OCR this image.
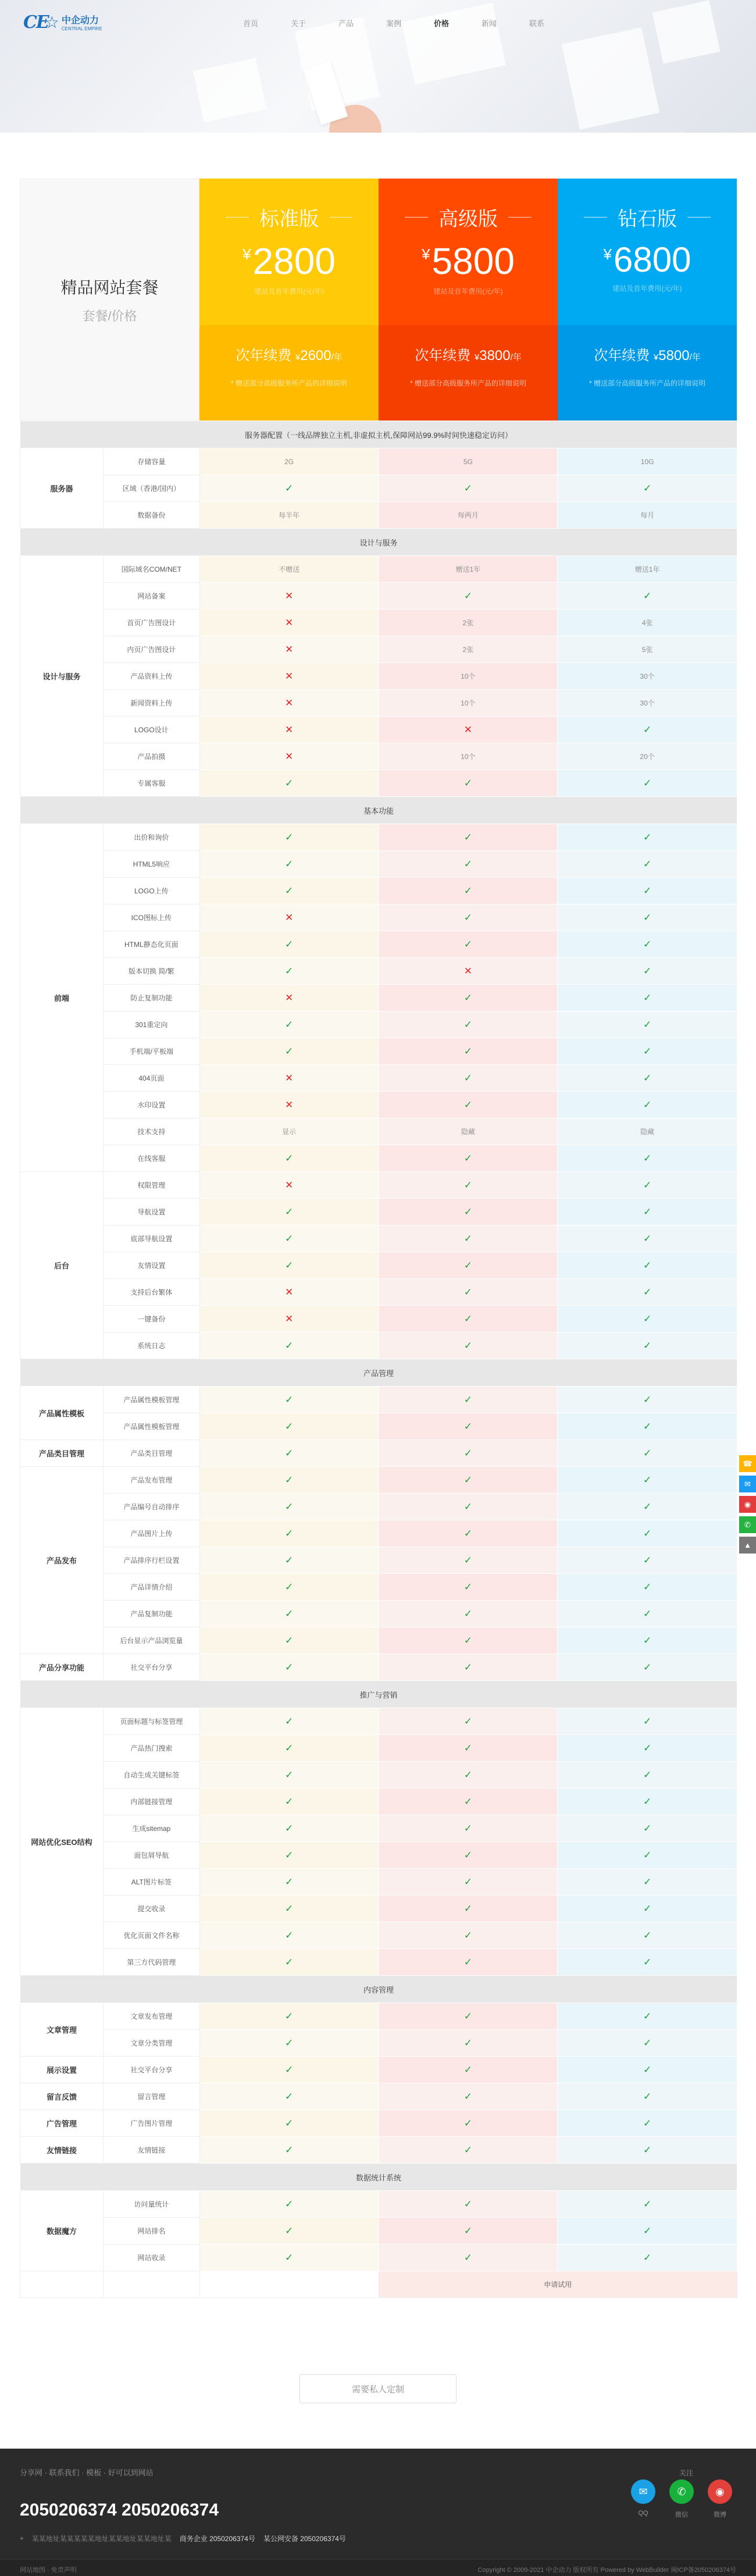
CE
☆ 中企动力
CENTRAL EMPIRE
首页	关于	产品	案例	价格	新闻	联系
精品网站套餐
套餐/价格
标准版
¥2800
建站及首年费用(元/年)
次年续费 ¥2600/年
* 赠送部分高级服务所产品的详细说明
高级版
¥5800
建站及首年费用(元/年)
次年续费 ¥3800/年
* 赠送部分高级服务所产品的详细说明
钻石版
¥6800
建站及首年费用(元/年)
次年续费 ¥5800/年
* 赠送部分高级服务所产品的详细说明
服务器配置（一线品牌独立主机,非虚拟主机,保障网站99.9%时间快速稳定访问）				
服务器	存储容量	2G	5G	10G
	区域（香港/国内）	✓	✓	✓
	数据备份	每半年	每两月	每月
设计与服务				
设计与服务	国际域名COM/NET	不赠送	赠送1年	赠送1年
	网站备案	✕	✓	✓
	首页广告图设计	✕	2张	4张
	内页广告图设计	✕	2张	5张
	产品资料上传	✕	10个	30个
	新闻资料上传	✕	10个	30个
	LOGO设计	✕	✕	✓
	产品拍摄	✕	10个	20个
	专属客服	✓	✓	✓
基本功能				
前端	出价和询价	✓	✓	✓
	HTML5响应	✓	✓	✓
	LOGO上传	✓	✓	✓
	ICO图标上传	✕	✓	✓
	HTML静态化页面	✓	✓	✓
	版本切换 简/繁	✓	✕	✓
	防止复制功能	✕	✓	✓
	301重定向	✓	✓	✓
	手机端/平板端	✓	✓	✓
	404页面	✕	✓	✓
	水印设置	✕	✓	✓
	技术支持	显示	隐藏	隐藏
	在线客服	✓	✓	✓
后台	权限管理	✕	✓	✓
	导航设置	✓	✓	✓
	底部导航设置	✓	✓	✓
	友情设置	✓	✓	✓
	支持后台繁体	✕	✓	✓
	一键备份	✕	✓	✓
	系统日志	✓	✓	✓
产品管理				
产品属性模板	产品属性模板管理	✓	✓	✓
	产品属性模板管理	✓	✓	✓
产品类目管理	产品类目管理	✓	✓	✓
产品发布	产品发布管理	✓	✓	✓
	产品编号自动排序	✓	✓	✓
	产品图片上传	✓	✓	✓
	产品排序行栏设置	✓	✓	✓
	产品详情介绍	✓	✓	✓
	产品复制功能	✓	✓	✓
	后台显示产品浏览量	✓	✓	✓
产品分享功能	社交平台分享	✓	✓	✓
推广与营销				
网站优化SEO结构	页面标题与标签管理	✓	✓	✓
	产品热门搜索	✓	✓	✓
	自动生成关键标签	✓	✓	✓
	内部链接管理	✓	✓	✓
	生成sitemap	✓	✓	✓
	面包屑导航	✓	✓	✓
	ALT图片标签	✓	✓	✓
	提交收录	✓	✓	✓
	优化页面文件名称	✓	✓	✓
	第三方代码管理	✓	✓	✓
内容管理				
文章管理	文章发布管理	✓	✓	✓
	文章分类管理	✓	✓	✓
展示设置	社交平台分享	✓	✓	✓
留言反馈	留言管理	✓	✓	✓
广告管理	广告图片管理	✓	✓	✓
友情链接	友情链接	✓	✓	✓
数据统计系统				
数据魔方	访问量统计	✓	✓	✓
	网站排名	✓	✓	✓
	网站收录	✓	✓	✓
			申请试用	
需要私人定制
☎
✉
◉
✆
▲
分享网 · 联系我们 · 模板 · 好可以到网站
2050206374 2050206374
⌖ 某某地址某某某某某地址某某地址某某地址某 商务企业 2050206374号 某公网安备 2050206374号
关注
✉
QQ
✆
微信
◉
微博
网站地图 · 免责声明	Copyright © 2009-2021 中企动力 版权所有 Powered by WebBuilder 闽ICP备2050206374号
